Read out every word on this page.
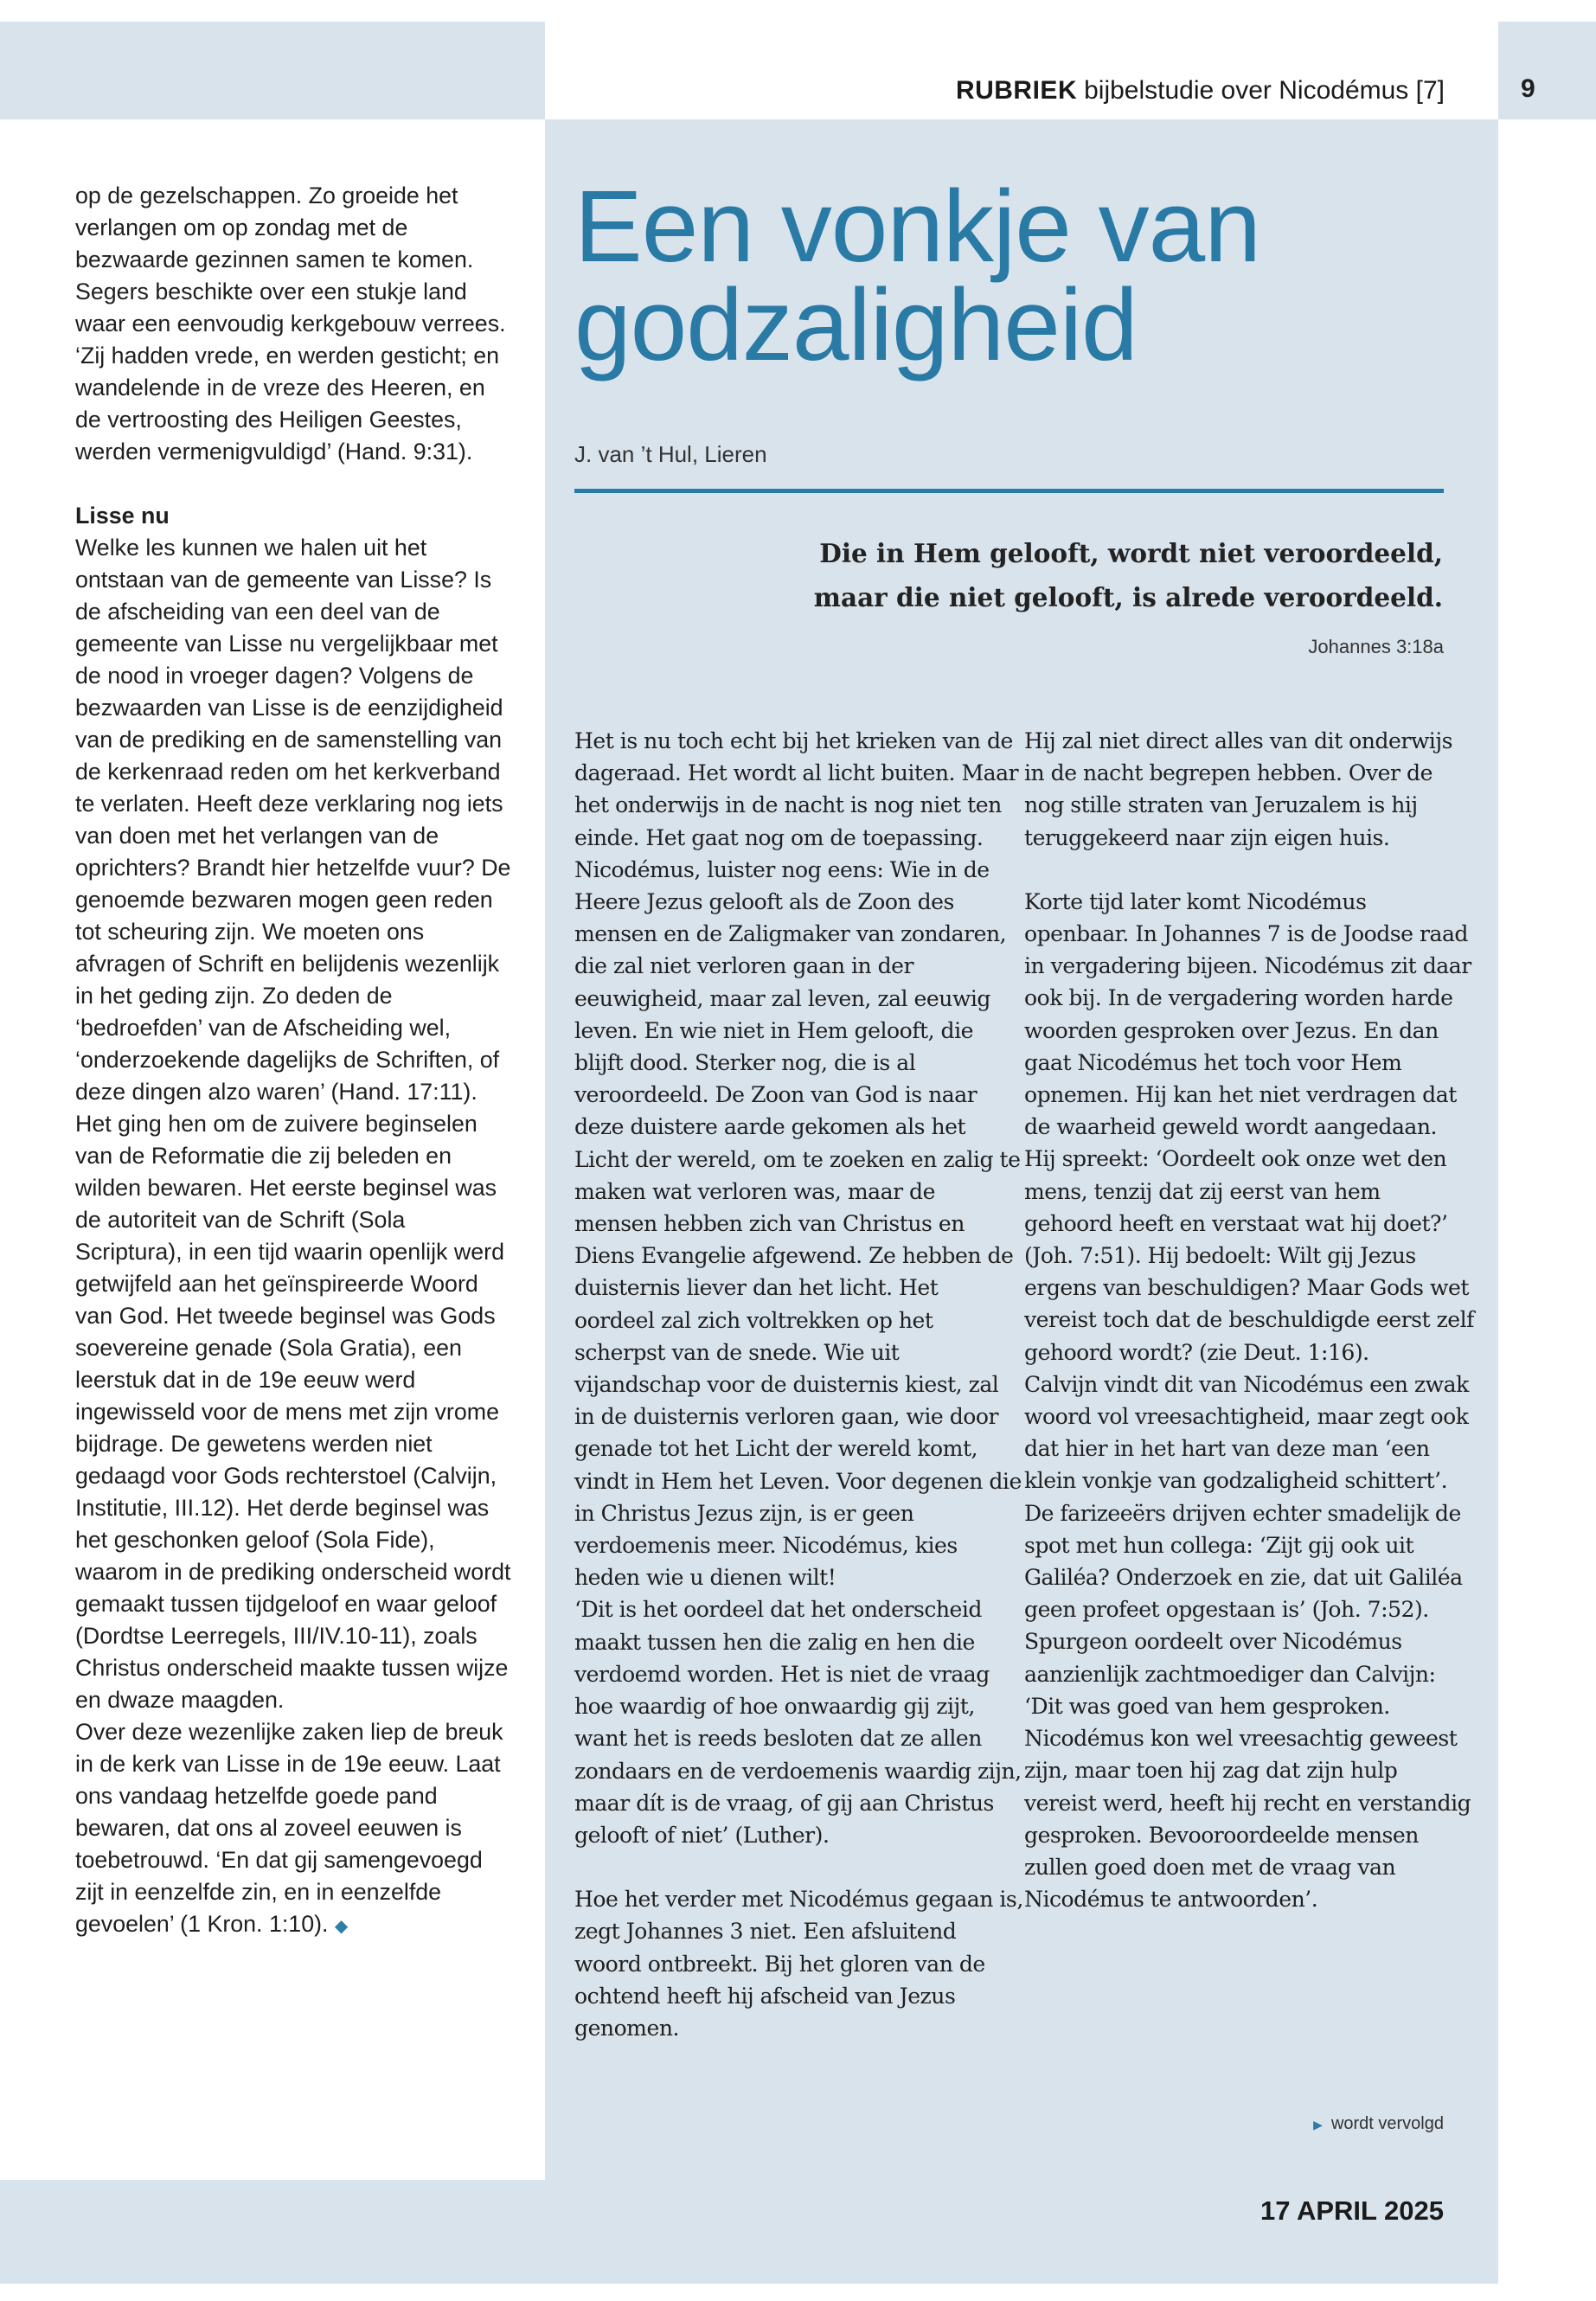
RUBRIEK bijbelstudie over Nicodémus [7]	9

op de gezelschappen. Zo groeide het verlangen om op zondag met de bezwaarde gezinnen samen te komen. Segers beschikte over een stukje land waar een eenvoudig kerkgebouw verrees. ‘Zij hadden vrede, en werden gesticht; en wandelende in de vreze des Heeren, en de vertroosting des Heiligen Geestes, werden vermenigvuldigd’ (Hand. 9:31).

Lisse nu

Welke les kunnen we halen uit het ontstaan van de gemeente van Lisse? Is de afscheiding van een deel van de gemeente van Lisse nu vergelijkbaar met de nood in vroeger dagen? Volgens de bezwaarden van Lisse is de eenzijdigheid van de prediking en de samenstelling van de kerkenraad reden om het kerkverband te verlaten. Heeft deze verklaring nog iets van doen met het verlangen van de oprichters? Brandt hier hetzelfde vuur? De genoemde bezwaren mogen geen reden tot scheuring zijn. We moeten ons afvragen of Schrift en belijdenis wezenlijk in het geding zijn. Zo deden de ‘bedroefden’ van de Afscheiding wel, ‘onderzoekende dagelijks de Schriften, of deze dingen alzo waren’ (Hand. 17:11). Het ging hen om de zuivere beginselen van de Reformatie die zij beleden en wilden bewaren. Het eerste beginsel was de autoriteit van de Schrift (Sola Scriptura), in een tijd waarin openlijk werd getwijfeld aan het geïnspireerde Woord van God. Het tweede beginsel was Gods soevereine genade (Sola Gratia), een leerstuk dat in de 19e eeuw werd ingewisseld voor de mens met zijn vrome bijdrage. De gewetens werden niet gedaagd voor Gods rechterstoel (Calvijn, Institutie, III.12). Het derde beginsel was het geschonken geloof (Sola Fide), waarom in de prediking onderscheid wordt gemaakt tussen tijdgeloof en waar geloof (Dordtse Leerregels, III/IV.10-11), zoals Christus onderscheid maakte tussen wijze en dwaze maagden.

Over deze wezenlijke zaken liep de breuk in de kerk van Lisse in de 19e eeuw. Laat ons vandaag hetzelfde goede pand bewaren, dat ons al zoveel eeuwen is toebetrouwd. ‘En dat gij samengevoegd zijt in eenzelfde zin, en in eenzelfde gevoelen’ (1 Kron. 1:10). ◆

Een vonkje van
godzaligheid
J. van ’t Hul, Lieren
Die in Hem gelooft, wordt niet veroordeeld,
maar die niet gelooft, is alrede veroordeeld.
Johannes 3:18a

Het is nu toch echt bij het krieken van de dageraad. Het wordt al licht buiten. Maar het onderwijs in de nacht is nog niet ten einde. Het gaat nog om de toepassing.

Nicodémus, luister nog eens: Wie in de Heere Jezus gelooft als de Zoon des mensen en de Zaligmaker van zondaren, die zal niet verloren gaan in der eeuwigheid, maar zal leven, zal eeuwig leven. En wie niet in Hem gelooft, die blijft dood. Sterker nog, die is al veroordeeld. De Zoon van God is naar deze duistere aarde gekomen als het Licht der wereld, om te zoeken en zalig te maken wat verloren was, maar de mensen hebben zich van Christus en Diens Evangelie afgewend. Ze hebben de duisternis liever dan het licht. Het oordeel zal zich voltrekken op het scherpst van de snede. Wie uit vijandschap voor de duisternis kiest, zal in de duisternis verloren gaan, wie door genade tot het Licht der wereld komt, vindt in Hem het Leven. Voor degenen die in Christus Jezus zijn, is er geen verdoemenis meer. Nicodémus, kies heden wie u dienen wilt!

‘Dit is het oordeel dat het onderscheid maakt tussen hen die zalig en hen die verdoemd worden. Het is niet de vraag hoe waardig of hoe onwaardig gij zijt, want het is reeds besloten dat ze allen zondaars en de verdoemenis waardig zijn, maar dít is de vraag, of gij aan Christus gelooft of niet’ (Luther).

Hoe het verder met Nicodémus gegaan is, zegt Johannes 3 niet. Een afsluitend woord ontbreekt. Bij het gloren van de ochtend heeft hij afscheid van Jezus genomen.

Hij zal niet direct alles van dit onderwijs in de nacht begrepen hebben. Over de nog stille straten van Jeruzalem is hij teruggekeerd naar zijn eigen huis.

Korte tijd later komt Nicodémus openbaar. In Johannes 7 is de Joodse raad in vergadering bijeen. Nicodémus zit daar ook bij. In de vergadering worden harde woorden gesproken over Jezus. En dan gaat Nicodémus het toch voor Hem opnemen. Hij kan het niet verdragen dat de waarheid geweld wordt aangedaan. Hij spreekt: ‘Oordeelt ook onze wet den mens, tenzij dat zij eerst van hem gehoord heeft en verstaat wat hij doet?’ (Joh. 7:51). Hij bedoelt: Wilt gij Jezus ergens van beschuldigen? Maar Gods wet vereist toch dat de beschuldigde eerst zelf gehoord wordt? (zie Deut. 1:16).

Calvijn vindt dit van Nicodémus een zwak woord vol vreesachtigheid, maar zegt ook dat hier in het hart van deze man ‘een klein vonkje van godzaligheid schittert’.

De farizeeërs drijven echter smadelijk de spot met hun collega: ‘Zijt gij ook uit Galiléa? Onderzoek en zie, dat uit Galiléa geen profeet opgestaan is’ (Joh. 7:52).

Spurgeon oordeelt over Nicodémus aanzienlijk zachtmoediger dan Calvijn: ‘Dit was goed van hem gesproken. Nicodémus kon wel vreesachtig geweest zijn, maar toen hij zag dat zijn hulp vereist werd, heeft hij recht en verstandig gesproken. Bevooroordeelde mensen zullen goed doen met de vraag van Nicodémus te antwoorden’.

▶ wordt vervolgd
17 APRIL 2025
